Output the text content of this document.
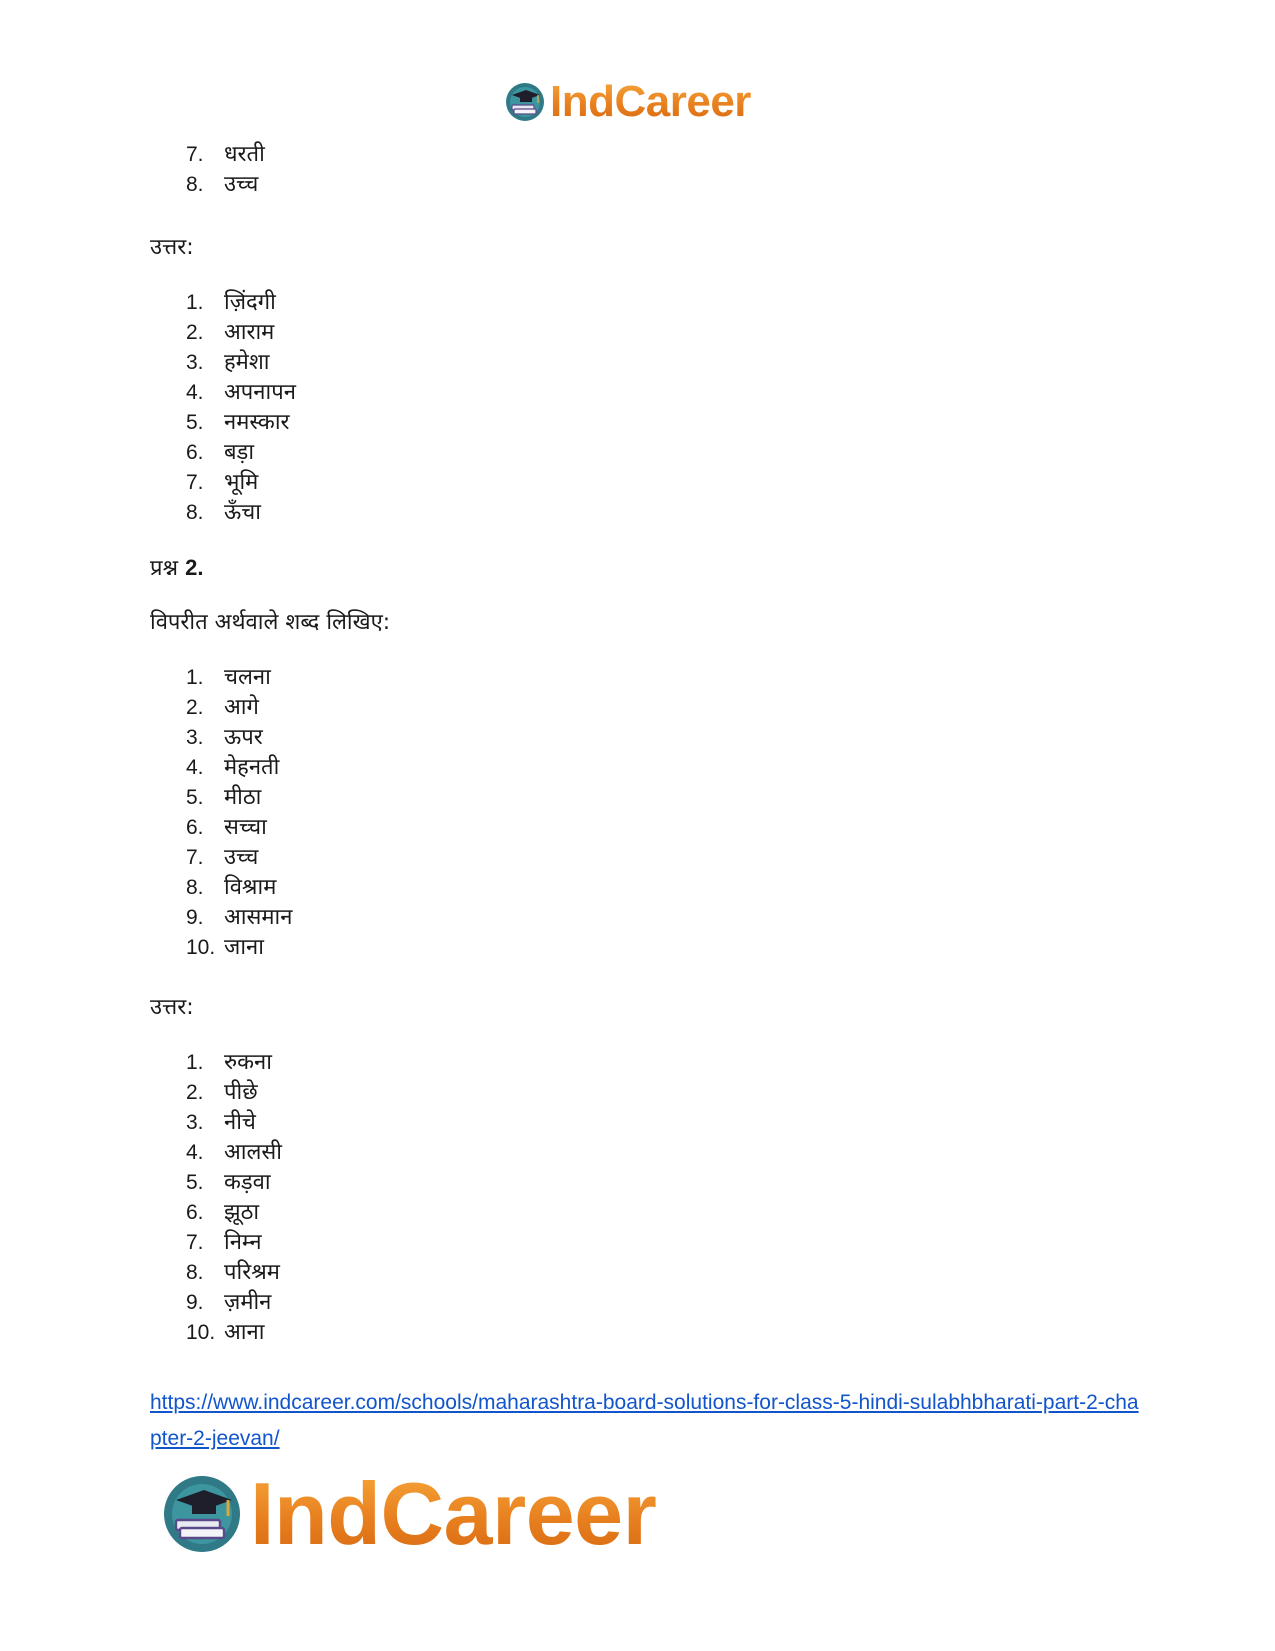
IndCareer
7. धरती
8. उच्च

उत्तर:

1. ज़िंदगी
2. आराम
3. हमेशा
4. अपनापन
5. नमस्कार
6. बड़ा
7. भूमि
8. ऊँचा

प्रश्न 2.

विपरीत अर्थवाले शब्द लिखिए:

1. चलना
2. आगे
3. ऊपर
4. मेहनती
5. मीठा
6. सच्चा
7. उच्च
8. विश्राम
9. आसमान
10. जाना

उत्तर:

1. रुकना
2. पीछे
3. नीचे
4. आलसी
5. कड़वा
6. झूठा
7. निम्न
8. परिश्रम
9. ज़मीन
10. आना
https://www.indcareer.com/schools/maharashtra-board-solutions-for-class-5-hindi-sulabhbharati-part-2-chapter-2-jeevan/
IndCareer
